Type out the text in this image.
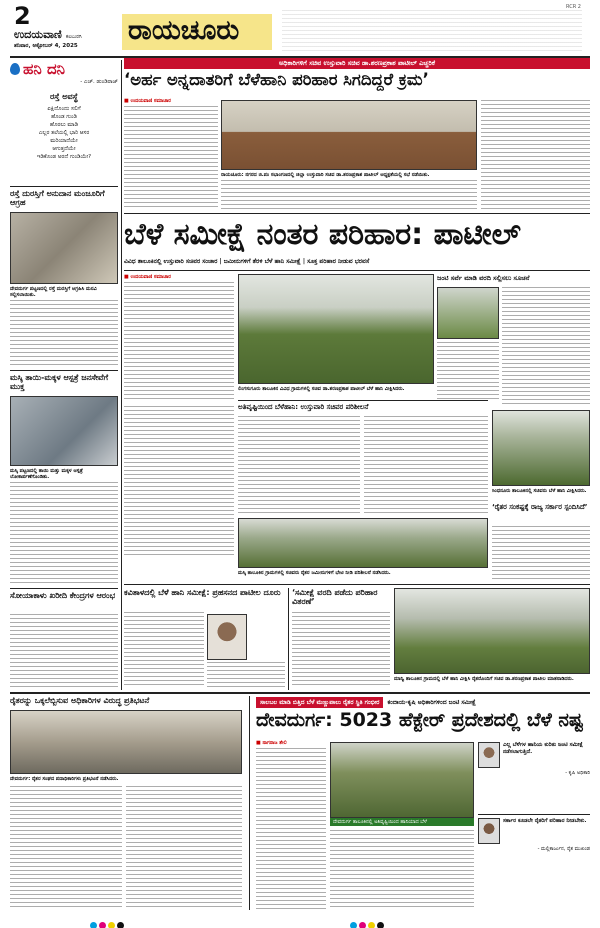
2
ಉದಯವಾಣಿ ಕಲಬುರಗಿ
ಶನಿವಾರ, ಅಕ್ಟೋಬರ್ 4, 2025	ರಾಯಚೂರು
RCR 2
ಹನಿ ದನಿ
- ಎಚ್. ಡುಂಡಿರಾಜ್
ರಸ್ತೆ ಅವಸ್ಥೆ
ಏಕ್ಷಿದೊಂದು ಸಲಿಗೆ
ಹೊಂಡ ಗುಂಡಿ
ಹೊರಲು ಮಾಡಿ
ಎಲ್ಲರ ತಲೆಯಲ್ಲಿ ಭಾರಿ ಆಸರ
ಮರಿಯಾದೆಯೇ
ಆಗುತ್ತದೆಯೇ
ಇಡಿಕೊಂಡ ಅರದೆ ಗುಂಡಿಯೇ?
ರಸ್ತೆ ದುರಸ್ತಿಗೆ ಅನುದಾನ ಮಂಜೂರಿಗೆ ಆಗ್ರಹ
ದೇವದುರ್ಗ ಪಟ್ಟಣದಲ್ಲಿ ರಸ್ತೆ ದುರಸ್ತಿಗೆ ಆಗ್ರಹಿಸಿ ಮನವಿ ಸಲ್ಲಿಸಲಾಯಿತು.
ಮಸ್ಕಿ ತಾಯಿ-ಮಕ್ಕಳ ಆಸ್ಪತ್ರೆ ಜನಸೇವೆಗೆ ಮುಕ್ತ
ಮಸ್ಕಿ ಪಟ್ಟಣದಲ್ಲಿ ತಾಯಿ ಮತ್ತು ಮಕ್ಕಳ ಆಸ್ಪತ್ರೆ ಲೋಕಾರ್ಪಣೆಗೊಂಡಿತು.
ಸೋಯಾಕಾಳು ಖರೀದಿ ಕೇಂದ್ರಗಳ ಆರಂಭ
ಅಧಿಕಾರಿಗಳಿಗೆ ಸಚಿವ ಉಸ್ತುವಾರಿ ಸಚಿವ ಡಾ.ಶರಣಪ್ರಕಾಶ ಪಾಟೀಲ್ ಎಚ್ಚರಿಕೆ
‘ಅರ್ಹ ಅನ್ನದಾತರಿಗೆ ಬೆಳೆಹಾನಿ ಪರಿಹಾರ ಸಿಗದಿದ್ದರೆ ಕ್ರಮ’
■ ಉದಯವಾಣಿ ಸಮಾಚಾರ
ರಾಯಚೂರು: ನಗರದ ಜಿ.ಪಂ ಸಭಾಂಗಣದಲ್ಲಿ ಜಿಲ್ಲಾ ಉಸ್ತುವಾರಿ ಸಚಿವ ಡಾ.ಶರಣಪ್ರಕಾಶ ಪಾಟೀಲ್ ಅಧ್ಯಕ್ಷತೆಯಲ್ಲಿ ಸಭೆ ನಡೆಯಿತು.
ಬೆಳೆ ಸಮೀಕ್ಷೆ ನಂತರ ಪರಿಹಾರ: ಪಾಟೀಲ್
ವಿವಿಧ ತಾಲೂಕಿನಲ್ಲಿ ಉಸ್ತುವಾರಿ ಸಚಿವರ ಸಂಚಾರ | ಜಮೀನುಗಳಿಗೆ ತೆರಳಿ ಬೆಳೆ ಹಾನಿ ಸಮೀಕ್ಷೆ | ಸೂಕ್ತ ಪರಿಹಾರ ನೀಡುವ ಭರವಸೆ
■ ಉದಯವಾಣಿ ಸಮಾಚಾರ
ಲಿಂಗಸುಗೂರು ತಾಲೂಕಿನ ವಿವಿಧ ಗ್ರಾಮಗಳಲ್ಲಿ ಸಚಿವ ಡಾ.ಶರಣಪ್ರಕಾಶ ಪಾಟೀಲ್ ಬೆಳೆ ಹಾನಿ ವೀಕ್ಷಿಸಿದರು.
ಜಂಟಿ ಸರ್ವೆ ಮಾಡಿ ವರದಿ ಸಲ್ಲಿಸಲು ಸೂಚನೆ
ಅತಿವೃಷ್ಟಿಯಿಂದ ಬೆಳೆಹಾನಿ: ಉಸ್ತುವಾರಿ ಸಚಿವರ ಪರಿಶೀಲನೆ
ಮಸ್ಕಿ ತಾಲೂಕಿನ ಗ್ರಾಮಗಳಲ್ಲಿ ಸಚಿವರು ರೈತರ ಜಮೀನುಗಳಿಗೆ ಭೇಟಿ ನೀಡಿ ಪರಿಶೀಲನೆ ನಡೆಸಿದರು.
ಸಿಂಧನೂರು ತಾಲೂಕಿನಲ್ಲಿ ಸಚಿವರು ಬೆಳೆ ಹಾನಿ ವೀಕ್ಷಿಸಿದರು.
‘ರೈತರ ಸಂಕಷ್ಟಕ್ಕೆ ರಾಜ್ಯ ಸರ್ಕಾರ ಸ್ಪಂದಿಸಿದೆ’
ಕವಿತಾಳದಲ್ಲಿ ಬೆಳೆ ಹಾನಿ ಸಮೀಕ್ಷೆ: ಪ್ರಹಸನದ ಪಾಟೀಲ ದೂರು	‘ಸಮೀಕ್ಷೆ ವರದಿ ಪಡೆದು ಪರಿಹಾರ ವಿತರಣೆ’
ಮಾನ್ವಿ ತಾಲೂಕಿನ ಗ್ರಾಮದಲ್ಲಿ ಬೆಳೆ ಹಾನಿ ವೀಕ್ಷಿಸಿ ರೈತರೊಂದಿಗೆ ಸಚಿವ ಡಾ.ಶರಣಪ್ರಕಾಶ ಪಾಟೀಲ ಮಾತನಾಡಿದರು.
ರೈತರನ್ನು ಒಕ್ಕಲೆಬ್ಬಿಸುವ ಅಧಿಕಾರಿಗಳ ವಿರುದ್ಧ ಪ್ರತಿಭಟನೆ
ದೇವದುರ್ಗ: ರೈತರ ಸಂಘದ ಪದಾಧಿಕಾರಿಗಳು ಪ್ರತಿಭಟನೆ ನಡೆಸಿದರು.
ಸಾಲಬಲ ಮಾಡಿ ಬಿತ್ತಿದ ಬೆಳೆ ಮಣ್ಣುಪಾಲು ರೈತರ ಸ್ಥಿತಿ ಗಂಭೀರ	ಕಂದಾಯ-ಕೃಷಿ ಅಧಿಕಾರಿಗಳಿಂದ ಜಂಟಿ ಸಮೀಕ್ಷೆ
ದೇವದುರ್ಗ: 5023 ಹೆಕ್ಟೇರ್ ಪ್ರದೇಶದಲ್ಲಿ ಬೆಳೆ ನಷ್ಟ
■ ನಾಗರಾಜ ತೇಲಿ
ದೇವದುರ್ಗ ತಾಲೂಕಿನಲ್ಲಿ ಅತಿವೃಷ್ಟಿಯಿಂದ ಹಾನಿಯಾದ ಬೆಳೆ
ಎಲ್ಲ ಬೆಳೆಗಳ ಹಾನಿಯ ಕುರಿತು ಜಂಟಿ ಸಮೀಕ್ಷೆ ನಡೆಸಲಾಗುತ್ತಿದೆ.
- ಕೃಷಿ ಅಧಿಕಾರಿ
ಸರ್ಕಾರ ಕೂಡಲೇ ರೈತರಿಗೆ ಪರಿಹಾರ ನೀಡಬೇಕು.
- ಮಲ್ಲಿಕಾರ್ಜುನ, ರೈತ ಮುಖಂಡ
